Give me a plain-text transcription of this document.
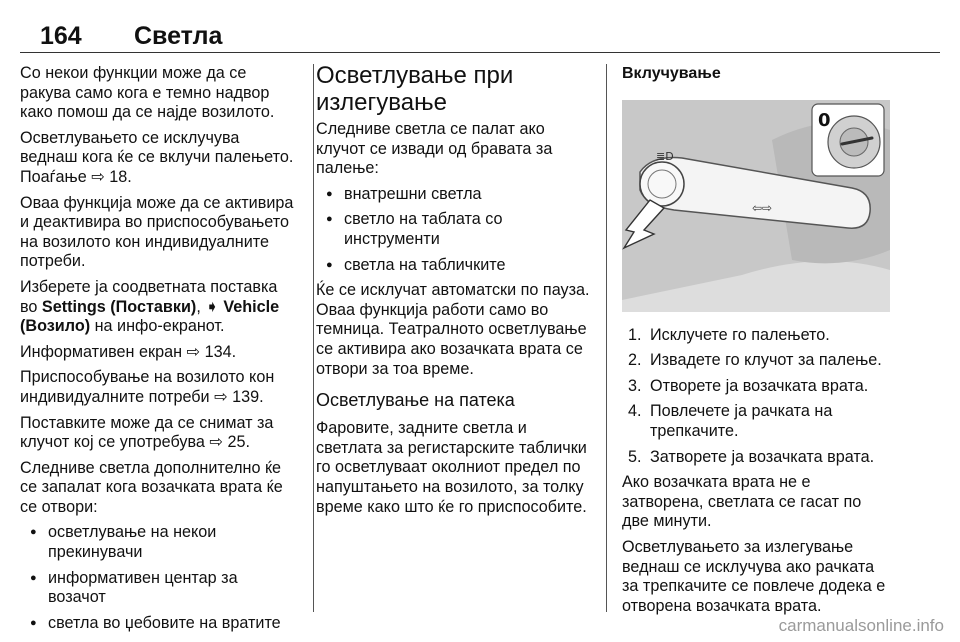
164 Светла

Со некои функции може да се ракува само кога е темно надвор како помош да се најде возилото.

Осветлувањето се исклучува веднаш кога ќе се вклучи палењето. Поаѓање ⇨ 18.

Оваа функција може да се активира и деактивира во приспособувањето на возилото кон индивидуалните потреби.

Изберете ја соодветната поставка во Settings (Поставки), ➧ Vehicle (Возило) на инфо-екранот.

Информативен екран ⇨ 134.

Приспособување на возилото кон индивидуалните потреби ⇨ 139.

Поставките може да се снимат за клучот кој се употребува ⇨ 25.

Следниве светла дополнително ќе се запалат кога возачката врата ќе се отвори:

● осветлување на некои прекинувачи
● информативен центар за возачот
● светла во џебовите на вратите
Осветлување при излегување

Следниве светла се палат ако клучот се извади од бравата за палење:

● внатрешни светла
● светло на таблата со инструменти
● светла на табличките

Ќе се исклучат автоматски по пауза. Оваа функција работи само во темница. Театралното осветлување се активира ако возачката врата се отвори за тоа време.

Осветлување на патека

Фаровите, задните светла и светлата за регистарските таблички го осветлуваат околниот предел по напуштањето на возилото, за толку време како што ќе го приспособите.

Вклучување
≣D
⇦⇨
0
1. Исклучете го палењето.
2. Извадете го клучот за палење.
3. Отворете ја возачката врата.
4. Повлечете ја рачката на трепкачите.
5. Затворете ја возачката врата.

Ако возачката врата не е затворена, светлата се гасат по две минути.

Осветлувањето за излегување веднаш се исклучува ако рачката за трепкачите се повлече додека е отворена возачката врата.

carmanualsonline.info
